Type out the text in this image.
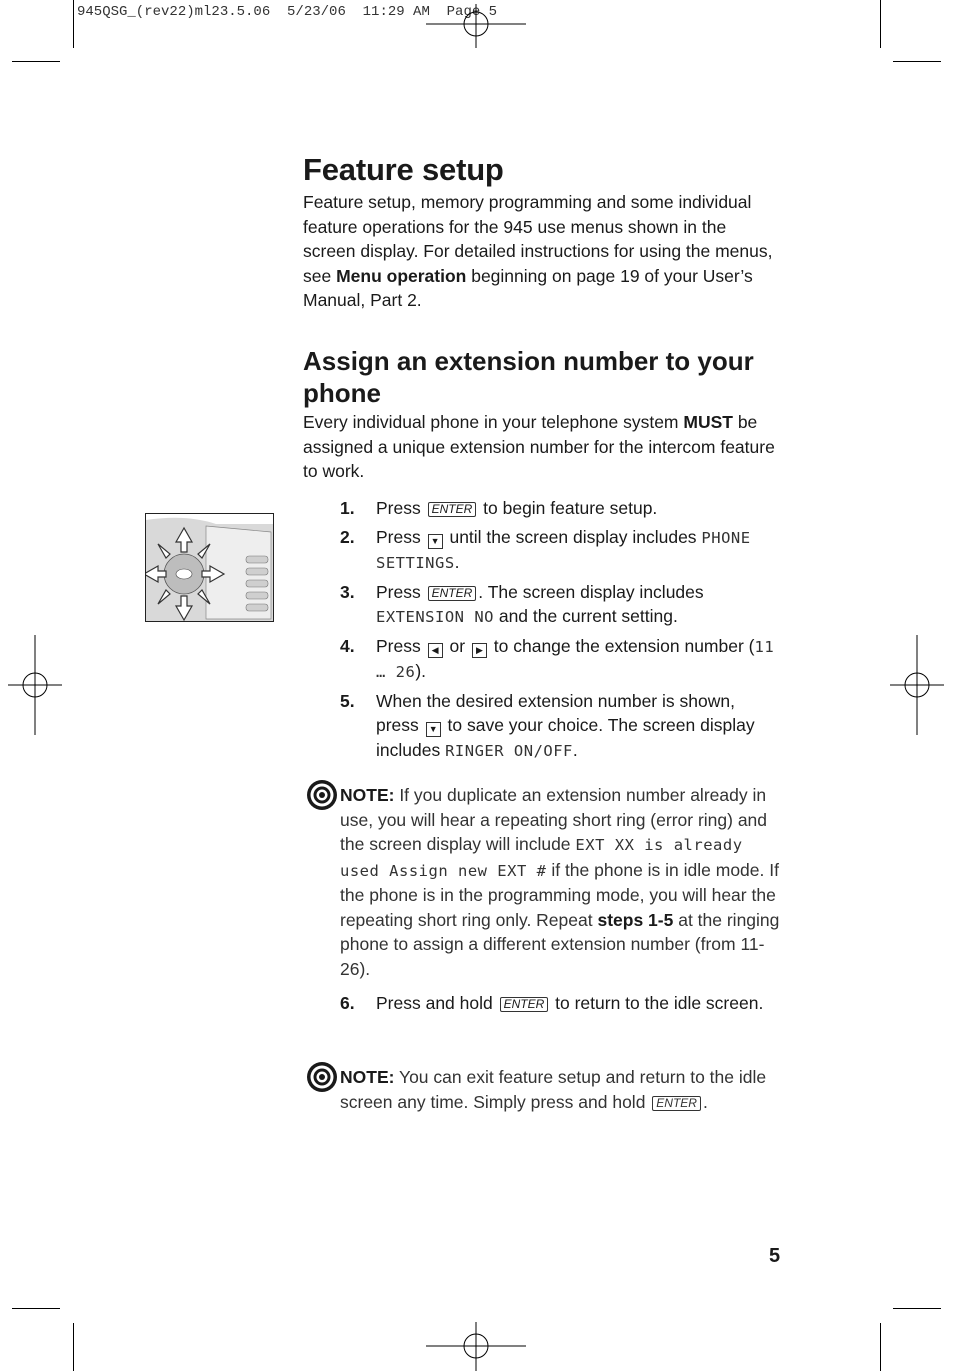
945QSG_(rev22)ml23.5.06  5/23/06  11:29 AM  Page 5
Feature setup
Feature setup, memory programming and some individual feature operations for the 945 use menus shown in the screen display. For detailed instructions for using the menus, see Menu operation beginning on page 19 of your User’s Manual, Part 2.
Assign an extension number to your phone
Every individual phone in your telephone system MUST be assigned a unique extension number for the intercom feature to work.
1.	Press ENTER to begin feature setup.
2.	Press ▼ until the screen display includes PHONE SETTINGS.
3.	Press ENTER . The screen display includes EXTENSION NO and the current setting.
4.	Press ◀ or ▶ to change the extension number (11 … 26).
5.	When the desired extension number is shown, press ▼ to save your choice. The screen display includes RINGER ON/OFF.
NOTE: If you duplicate an extension number already in use, you will hear a repeating short ring (error ring) and the screen display will include EXT XX is already used Assign new EXT # if the phone is in idle mode. If the phone is in the programming mode, you will hear the repeating short ring only. Repeat steps 1-5 at the ringing phone to assign a different extension number (from 11-26).
6.	Press and hold ENTER to return to the idle screen.
NOTE: You can exit feature setup and return to the idle screen any time. Simply press and hold ENTER .
5
